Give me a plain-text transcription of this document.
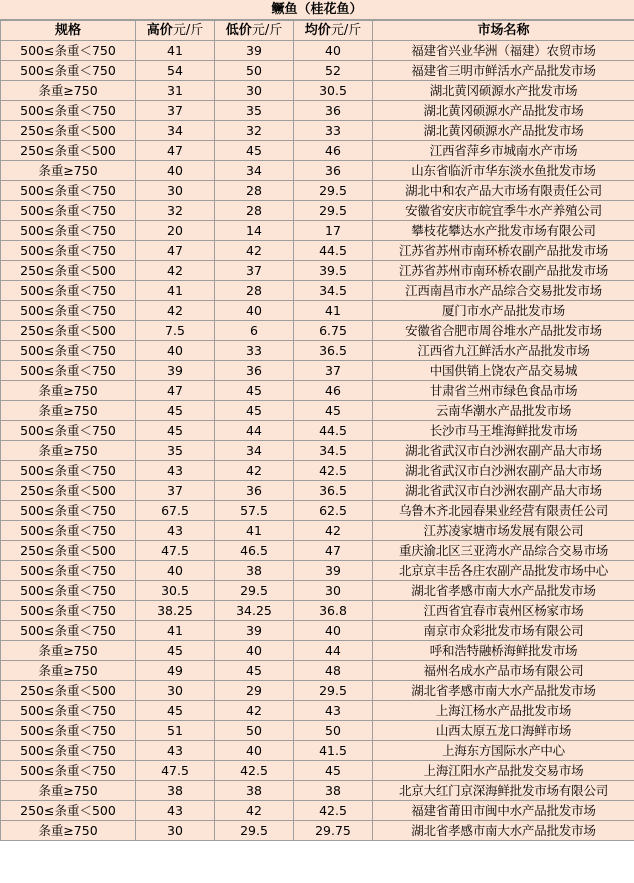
鳜鱼（桂花鱼）
规格	高价元/斤	低价元/斤	均价元/斤	市场名称
500≤条重＜750	41	39	40	福建省兴业华洲（福建）农贸市场
500≤条重＜750	54	50	52	福建省三明市鲜活水产品批发市场
条重≥750	31	30	30.5	湖北黄冈硕源水产批发市场
500≤条重＜750	37	35	36	湖北黄冈硕源水产品批发市场
250≤条重＜500	34	32	33	湖北黄冈硕源水产品批发市场
250≤条重＜500	47	45	46	江西省萍乡市城南水产市场
条重≥750	40	34	36	山东省临沂市华东淡水鱼批发市场
500≤条重＜750	30	28	29.5	湖北中和农产品大市场有限责任公司
500≤条重＜750	32	28	29.5	安徽省安庆市皖宜季牛水产养殖公司
500≤条重＜750	20	14	17	攀枝花攀达水产批发市场有限公司
500≤条重＜750	47	42	44.5	江苏省苏州市南环桥农副产品批发市场
250≤条重＜500	42	37	39.5	江苏省苏州市南环桥农副产品批发市场
500≤条重＜750	41	28	34.5	江西南昌市水产品综合交易批发市场
500≤条重＜750	42	40	41	厦门市水产品批发市场
250≤条重＜500	7.5	6	6.75	安徽省合肥市周谷堆水产品批发市场
500≤条重＜750	40	33	36.5	江西省九江鲜活水产品批发市场
500≤条重＜750	39	36	37	中国供销上饶农产品交易城
条重≥750	47	45	46	甘肃省兰州市绿色食品市场
条重≥750	45	45	45	云南华潮水产品批发市场
500≤条重＜750	45	44	44.5	长沙市马王堆海鲜批发市场
条重≥750	35	34	34.5	湖北省武汉市白沙洲农副产品大市场
500≤条重＜750	43	42	42.5	湖北省武汉市白沙洲农副产品大市场
250≤条重＜500	37	36	36.5	湖北省武汉市白沙洲农副产品大市场
500≤条重＜750	67.5	57.5	62.5	乌鲁木齐北园春果业经营有限责任公司
500≤条重＜750	43	41	42	江苏凌家塘市场发展有限公司
250≤条重＜500	47.5	46.5	47	重庆渝北区三亚湾水产品综合交易市场
500≤条重＜750	40	38	39	北京京丰岳各庄农副产品批发市场中心
500≤条重＜750	30.5	29.5	30	湖北省孝感市南大水产品批发市场
500≤条重＜750	38.25	34.25	36.8	江西省宜春市袁州区杨家市场
500≤条重＜750	41	39	40	南京市众彩批发市场有限公司
条重≥750	45	40	44	呼和浩特融桥海鲜批发市场
条重≥750	49	45	48	福州名成水产品市场有限公司
250≤条重＜500	30	29	29.5	湖北省孝感市南大水产品批发市场
500≤条重＜750	45	42	43	上海江杨水产品批发市场
500≤条重＜750	51	50	50	山西太原五龙口海鲜市场
500≤条重＜750	43	40	41.5	上海东方国际水产中心
500≤条重＜750	47.5	42.5	45	上海江阳水产品批发交易市场
条重≥750	38	38	38	北京大红门京深海鲜批发市场有限公司
250≤条重＜500	43	42	42.5	福建省莆田市闽中水产品批发市场
条重≥750	30	29.5	29.75	湖北省孝感市南大水产品批发市场
